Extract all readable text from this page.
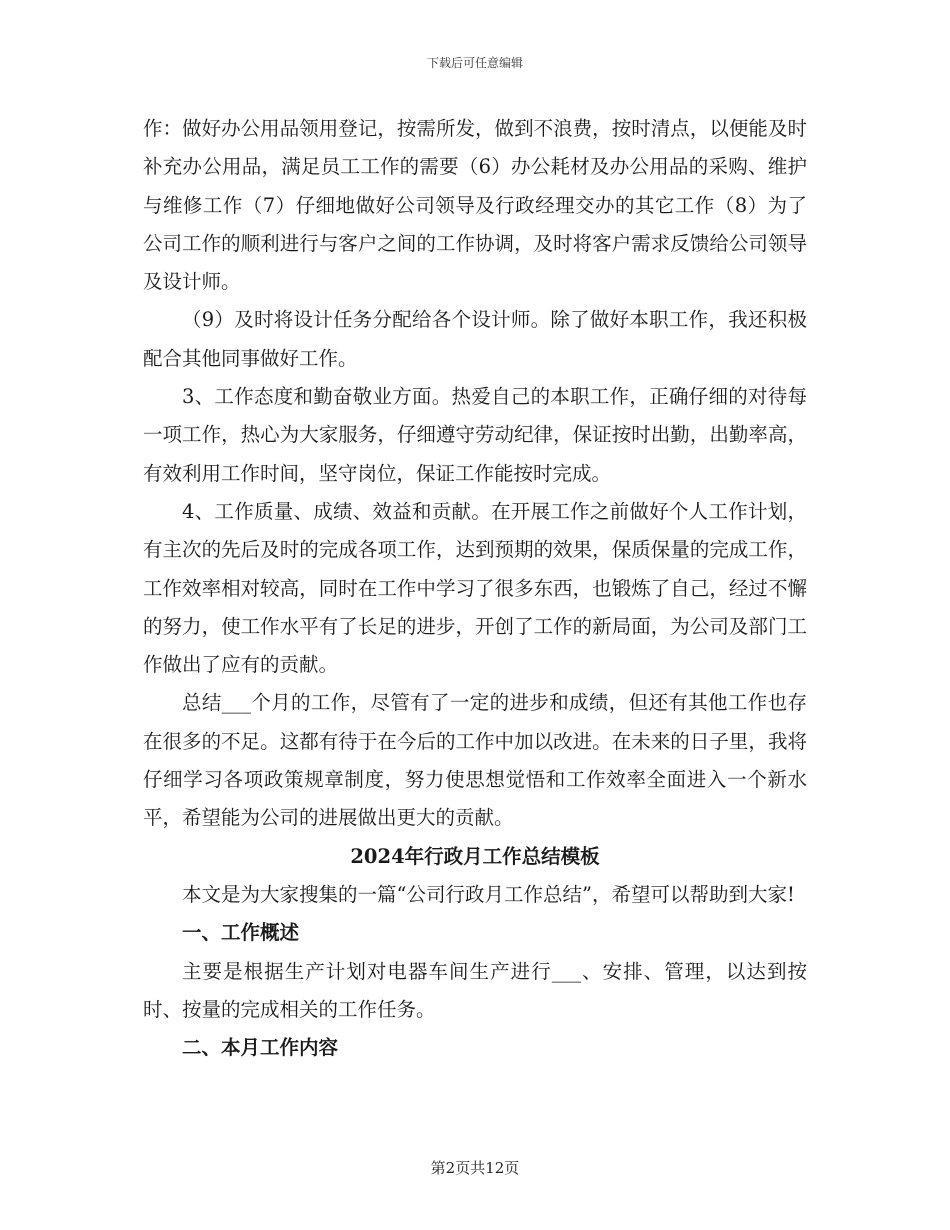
下载后可任意编辑

作：做好办公用品领用登记，按需所发，做到不浪费，按时清点，以便能及时补充办公用品，满足员工工作的需要（6）办公耗材及办公用品的采购、维护与维修工作（7）仔细地做好公司领导及行政经理交办的其它工作（8）为了公司工作的顺利进行与客户之间的工作协调，及时将客户需求反馈给公司领导及设计师。

（9）及时将设计任务分配给各个设计师。除了做好本职工作，我还积极配合其他同事做好工作。

3、工作态度和勤奋敬业方面。热爱自己的本职工作，正确仔细的对待每一项工作，热心为大家服务，仔细遵守劳动纪律，保证按时出勤，出勤率高，有效利用工作时间，坚守岗位，保证工作能按时完成。

4、工作质量、成绩、效益和贡献。在开展工作之前做好个人工作计划，有主次的先后及时的完成各项工作，达到预期的效果，保质保量的完成工作，工作效率相对较高，同时在工作中学习了很多东西，也锻炼了自己，经过不懈的努力，使工作水平有了长足的进步，开创了工作的新局面，为公司及部门工作做出了应有的贡献。

总结___个月的工作，尽管有了一定的进步和成绩，但还有其他工作也存在很多的不足。这都有待于在今后的工作中加以改进。在未来的日子里，我将仔细学习各项政策规章制度，努力使思想觉悟和工作效率全面进入一个新水平，希望能为公司的进展做出更大的贡献。

2024年行政月工作总结模板

本文是为大家搜集的一篇“公司行政月工作总结”，希望可以帮助到大家!

一、工作概述

主要是根据生产计划对电器车间生产进行___、安排、管理，以达到按时、按量的完成相关的工作任务。

二、本月工作内容

第2页共12页
